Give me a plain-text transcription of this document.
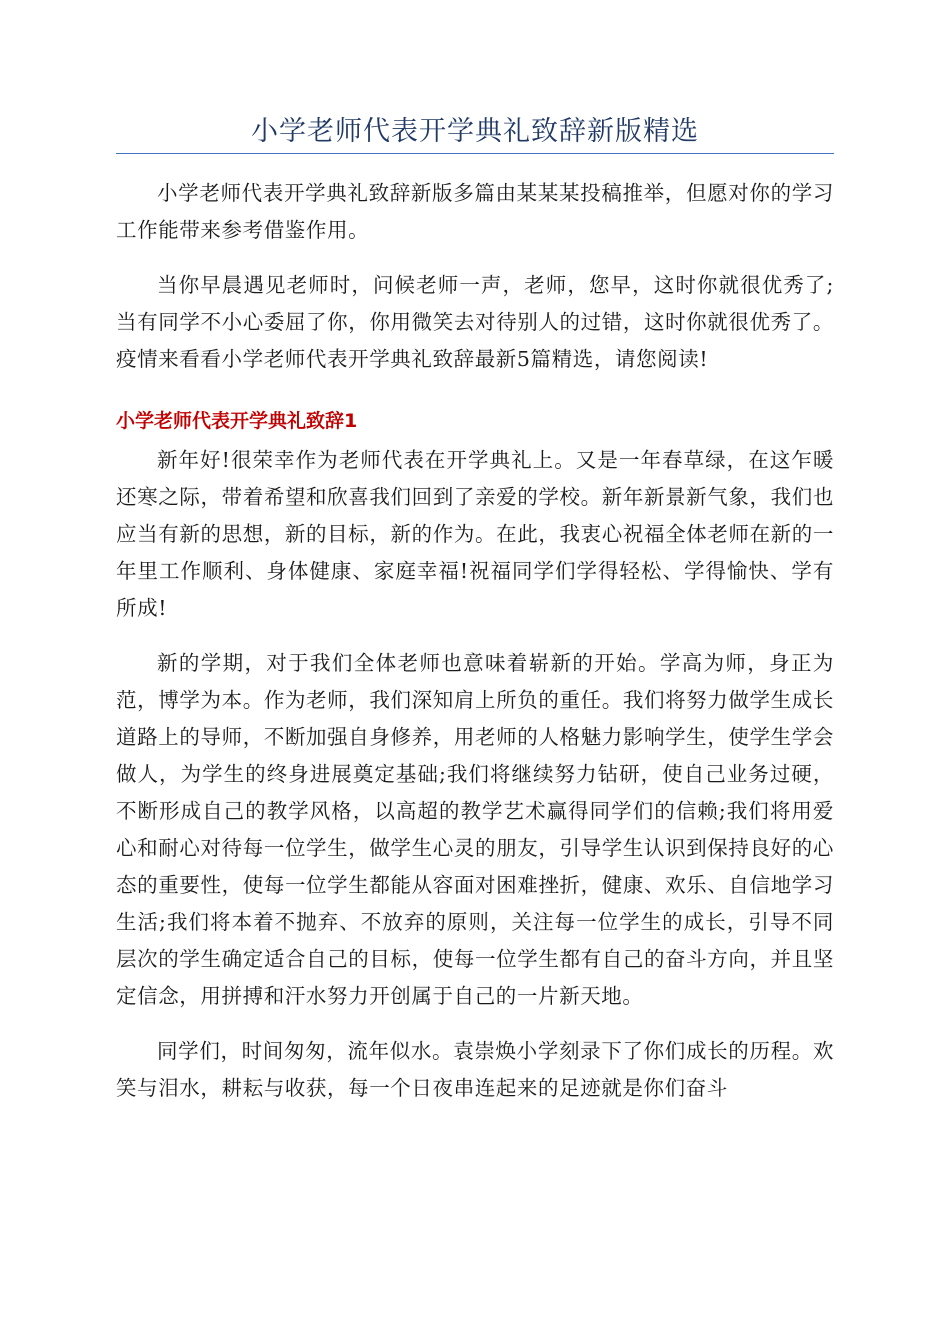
小学老师代表开学典礼致辞新版精选

小学老师代表开学典礼致辞新版多篇由某某某投稿推举，但愿对你的学习工作能带来参考借鉴作用。

当你早晨遇见老师时，问候老师一声，老师，您早，这时你就很优秀了;当有同学不小心委屈了你，你用微笑去对待别人的过错，这时你就很优秀了。疫情来看看小学老师代表开学典礼致辞最新5篇精选，请您阅读!

小学老师代表开学典礼致辞1

新年好!很荣幸作为老师代表在开学典礼上。又是一年春草绿，在这乍暖还寒之际，带着希望和欣喜我们回到了亲爱的学校。新年新景新气象，我们也应当有新的思想，新的目标，新的作为。在此，我衷心祝福全体老师在新的一年里工作顺利、身体健康、家庭幸福!祝福同学们学得轻松、学得愉快、学有所成!

新的学期，对于我们全体老师也意味着崭新的开始。学高为师，身正为范，博学为本。作为老师，我们深知肩上所负的重任。我们将努力做学生成长道路上的导师，不断加强自身修养，用老师的人格魅力影响学生，使学生学会做人，为学生的终身进展奠定基础;我们将继续努力钻研，使自己业务过硬，不断形成自己的教学风格，以高超的教学艺术赢得同学们的信赖;我们将用爱心和耐心对待每一位学生，做学生心灵的朋友，引导学生认识到保持良好的心态的重要性，使每一位学生都能从容面对困难挫折，健康、欢乐、自信地学习生活;我们将本着不抛弃、不放弃的原则，关注每一位学生的成长，引导不同层次的学生确定适合自己的目标，使每一位学生都有自己的奋斗方向，并且坚定信念，用拼搏和汗水努力开创属于自己的一片新天地。

同学们，时间匆匆，流年似水。袁崇焕小学刻录下了你们成长的历程。欢笑与泪水，耕耘与收获，每一个日夜串连起来的足迹就是你们奋斗
